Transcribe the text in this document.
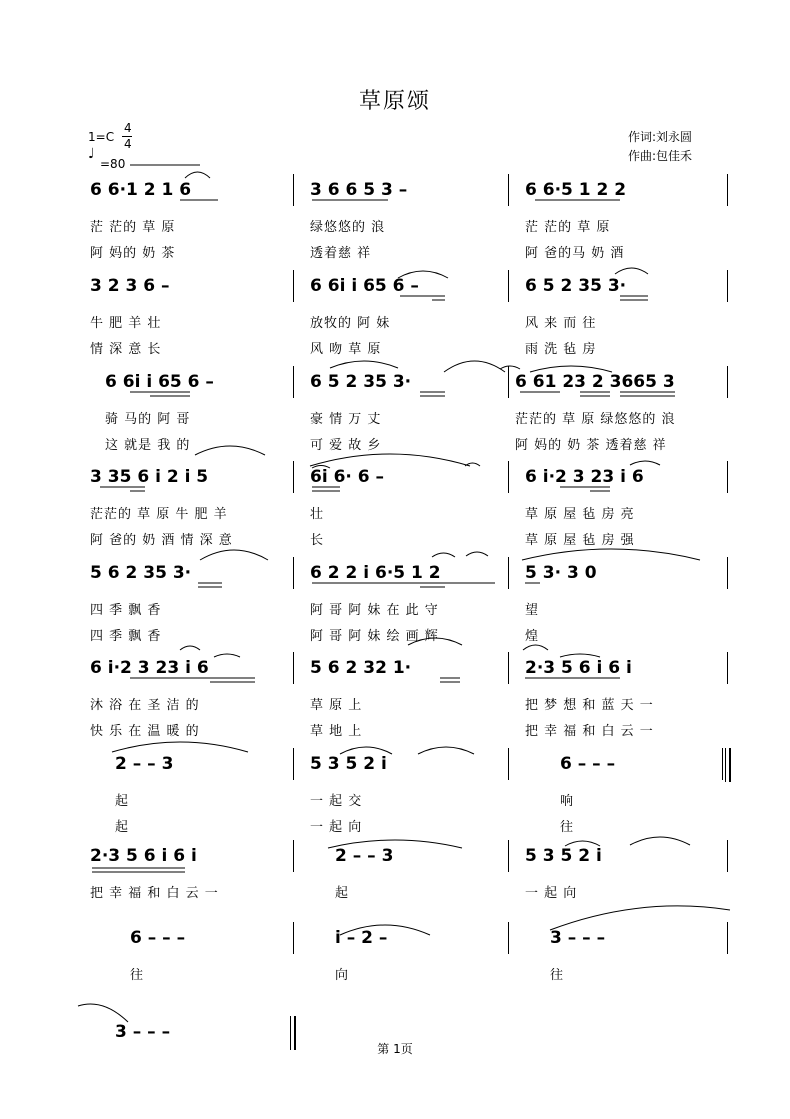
草原颂
1=C
4
4
♩
=80
作词:刘永圆
作曲:包佳禾
6 6·1 2 1 6
茫 茫的 草 原
阿 妈的 奶 茶
3 6 6 5 3 –
绿悠悠的 浪
透着慈 祥
6 6·5 1 2 2
茫 茫的 草 原
阿 爸的马 奶 酒
3 2 3 6 –
牛 肥 羊 壮
情 深 意 长
6 6i i 65 6 –
放牧的 阿 妹
风 吻 草 原
6 5 2 35 3·
风 来 而 往
雨 洗 毡 房
6 6i i 65 6 –
骑 马的 阿 哥
这 就是 我 的
6 5 2 35 3·
豪 情 万 丈
可 爱 故 乡
6 61 23 2 3665 3
茫茫的 草 原 绿悠悠的 浪
阿 妈的 奶 茶 透着慈 祥
3 35 6 i 2 i 5
茫茫的 草 原 牛 肥 羊
阿 爸的 奶 酒 情 深 意
6i 6· 6 –
壮
长
6 i·2 3 23 i 6
草 原 屋 毡 房 亮
草 原 屋 毡 房 强
5 6 2 35 3·
四 季 飘 香
四 季 飘 香
6 2 2 i 6·5 1 2
阿 哥 阿 妹 在 此 守
阿 哥 阿 妹 绘 画 辉
5 3· 3 0
望
煌
6 i·2 3 23 i 6
沐 浴 在 圣 洁 的
快 乐 在 温 暖 的
5 6 2 32 1·
草 原 上
草 地 上
2·3 5 6 i 6 i
把 梦 想 和 蓝 天 一
把 幸 福 和 白 云 一
2 – – 3
起
起
5 3 5 2 i
一 起 交
一 起 向
6 – – –
响
往
2·3 5 6 i 6 i
把 幸 福 和 白 云 一
2 – – 3
起
5 3 5 2 i
一 起 向
6 – – –
往
i – 2 –
向
3 – – –
往
3 – – –
第 1页
